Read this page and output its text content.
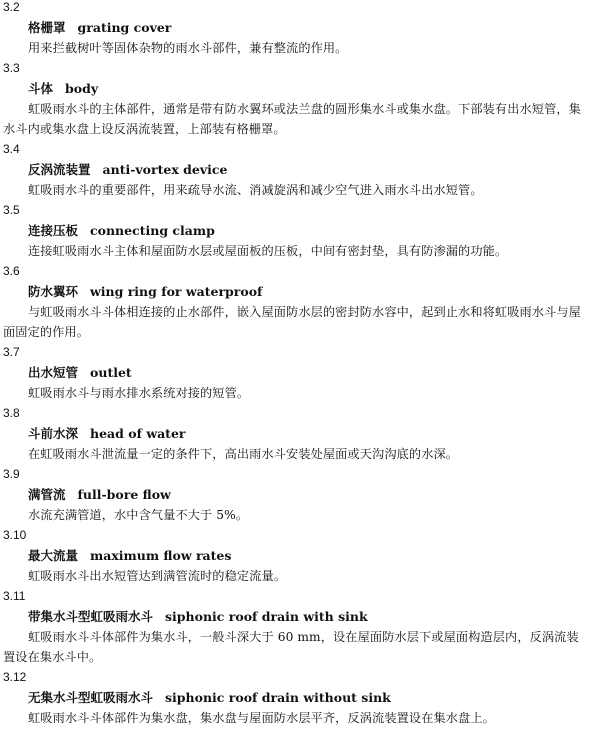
3.2
格栅罩 grating cover
用来拦截树叶等固体杂物的雨水斗部件，兼有整流的作用。
3.3
斗体 body
虹吸雨水斗的主体部件，通常是带有防水翼环或法兰盘的圆形集水斗或集水盘。下部装有出水短管，集水斗内或集水盘上设反涡流装置，上部装有格栅罩。
3.4
反涡流装置 anti-vortex device
虹吸雨水斗的重要部件，用来疏导水流、消减旋涡和减少空气进入雨水斗出水短管。
3.5
连接压板 connecting clamp
连接虹吸雨水斗主体和屋面防水层或屋面板的压板，中间有密封垫，具有防渗漏的功能。
3.6
防水翼环 wing ring for waterproof
与虹吸雨水斗斗体相连接的止水部件，嵌入屋面防水层的密封防水容中，起到止水和将虹吸雨水斗与屋面固定的作用。
3.7
出水短管 outlet
虹吸雨水斗与雨水排水系统对接的短管。
3.8
斗前水深 head of water
在虹吸雨水斗泄流量一定的条件下，高出雨水斗安装处屋面或天沟沟底的水深。
3.9
满管流 full-bore flow
水流充满管道，水中含气量不大于 5%。
3.10
最大流量 maximum flow rates
虹吸雨水斗出水短管达到满管流时的稳定流量。
3.11
带集水斗型虹吸雨水斗 siphonic roof drain with sink
虹吸雨水斗斗体部件为集水斗，一般斗深大于 60 mm，设在屋面防水层下或屋面构造层内，反涡流装置设在集水斗中。
3.12
无集水斗型虹吸雨水斗 siphonic roof drain without sink
虹吸雨水斗斗体部件为集水盘，集水盘与屋面防水层平齐，反涡流装置设在集水盘上。
